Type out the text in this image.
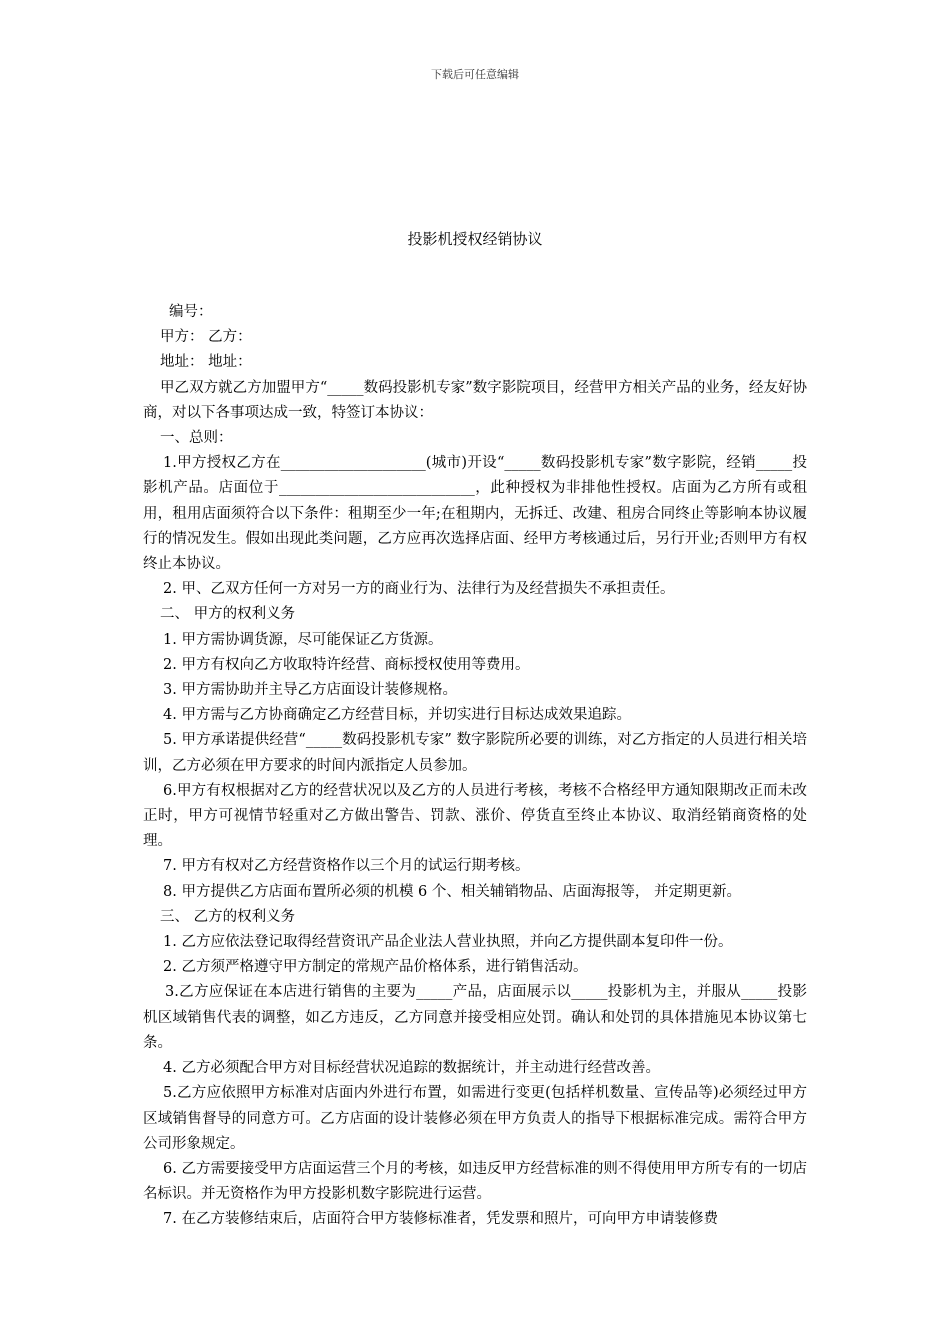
下载后可任意编辑
投影机授权经销协议

编号：

甲方： 乙方：

地址： 地址：

甲乙双方就乙方加盟甲方“_____数码投影机专家”数字影院项目，经营甲方相关产品的业务，经友好协商，对以下各事项达成一致，特签订本协议：

一、总则：

1.甲方授权乙方在____________________(城市)开设“_____数码投影机专家”数字影院，经销_____投影机产品。店面位于___________________________，此种授权为非排他性授权。店面为乙方所有或租用，租用店面须符合以下条件：租期至少一年;在租期内，无拆迁、改建、租房合同终止等影响本协议履行的情况发生。假如出现此类问题，乙方应再次选择店面、经甲方考核通过后，另行开业;否则甲方有权终止本协议。

2. 甲、乙双方任何一方对另一方的商业行为、法律行为及经营损失不承担责任。

二、 甲方的权利义务

1. 甲方需协调货源，尽可能保证乙方货源。

2. 甲方有权向乙方收取特许经营、商标授权使用等费用。

3. 甲方需协助并主导乙方店面设计装修规格。

4. 甲方需与乙方协商确定乙方经营目标，并切实进行目标达成效果追踪。

5. 甲方承诺提供经营“_____数码投影机专家” 数字影院所必要的训练，对乙方指定的人员进行相关培训，乙方必须在甲方要求的时间内派指定人员参加。

6.甲方有权根据对乙方的经营状况以及乙方的人员进行考核，考核不合格经甲方通知限期改正而未改正时，甲方可视情节轻重对乙方做出警告、罚款、涨价、停货直至终止本协议、取消经销商资格的处理。

7. 甲方有权对乙方经营资格作以三个月的试运行期考核。

8. 甲方提供乙方店面布置所必须的机模 6 个、相关辅销物品、店面海报等， 并定期更新。

三、 乙方的权利义务

1. 乙方应依法登记取得经营资讯产品企业法人营业执照，并向乙方提供副本复印件一份。

2. 乙方须严格遵守甲方制定的常规产品价格体系，进行销售活动。

3.乙方应保证在本店进行销售的主要为_____产品，店面展示以_____投影机为主，并服从_____投影机区域销售代表的调整，如乙方违反，乙方同意并接受相应处罚。确认和处罚的具体措施见本协议第七条。

4. 乙方必须配合甲方对目标经营状况追踪的数据统计，并主动进行经营改善。

5.乙方应依照甲方标准对店面内外进行布置，如需进行变更(包括样机数量、宣传品等)必须经过甲方区域销售督导的同意方可。乙方店面的设计装修必须在甲方负责人的指导下根据标准完成。需符合甲方公司形象规定。

6. 乙方需要接受甲方店面运营三个月的考核，如违反甲方经营标准的则不得使用甲方所专有的一切店名标识。并无资格作为甲方投影机数字影院进行运营。

7. 在乙方装修结束后，店面符合甲方装修标准者，凭发票和照片，可向甲方申请装修费
